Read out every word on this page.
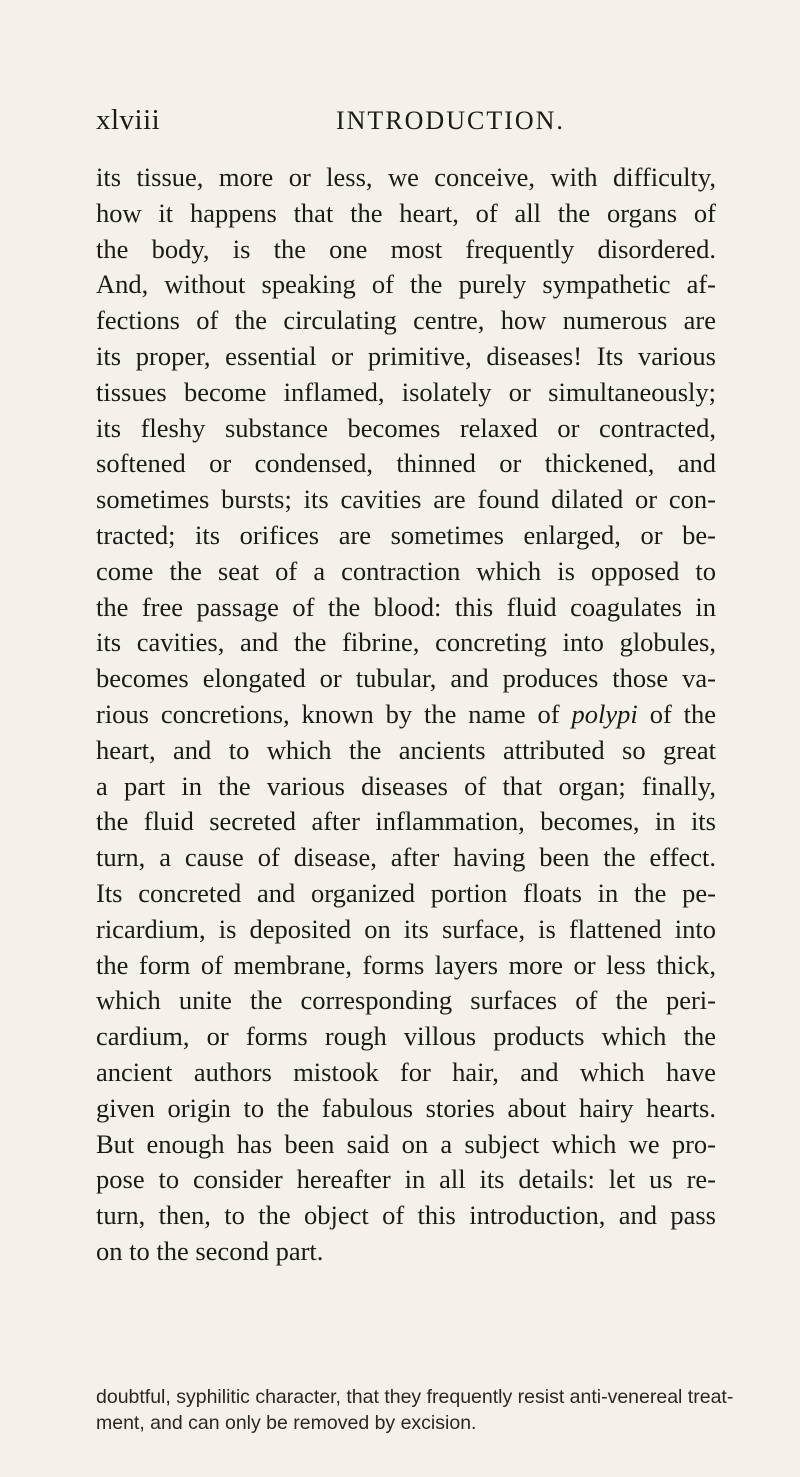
xlviii	INTRODUCTION.

its tissue, more or less, we conceive, with difficulty,
how it happens that the heart, of all the organs of
the body, is the one most frequently disordered.
And, without speaking of the purely sympathetic af-
fections of the circulating centre, how numerous are
its proper, essential or primitive, diseases! Its various
tissues become inflamed, isolately or simultaneously;
its fleshy substance becomes relaxed or contracted,
softened or condensed, thinned or thickened, and
sometimes bursts; its cavities are found dilated or con-
tracted; its orifices are sometimes enlarged, or be-
come the seat of a contraction which is opposed to
the free passage of the blood: this fluid coagulates in
its cavities, and the fibrine, concreting into globules,
becomes elongated or tubular, and produces those va-
rious concretions, known by the name of polypi of the
heart, and to which the ancients attributed so great
a part in the various diseases of that organ; finally,
the fluid secreted after inflammation, becomes, in its
turn, a cause of disease, after having been the effect.
Its concreted and organized portion floats in the pe-
ricardium, is deposited on its surface, is flattened into
the form of membrane, forms layers more or less thick,
which unite the corresponding surfaces of the peri-
cardium, or forms rough villous products which the
ancient authors mistook for hair, and which have
given origin to the fabulous stories about hairy hearts.
But enough has been said on a subject which we pro-
pose to consider hereafter in all its details: let us re-
turn, then, to the object of this introduction, and pass
on to the second part.

doubtful, syphilitic character, that they frequently resist anti-venereal treat-
ment, and can only be removed by excision.
